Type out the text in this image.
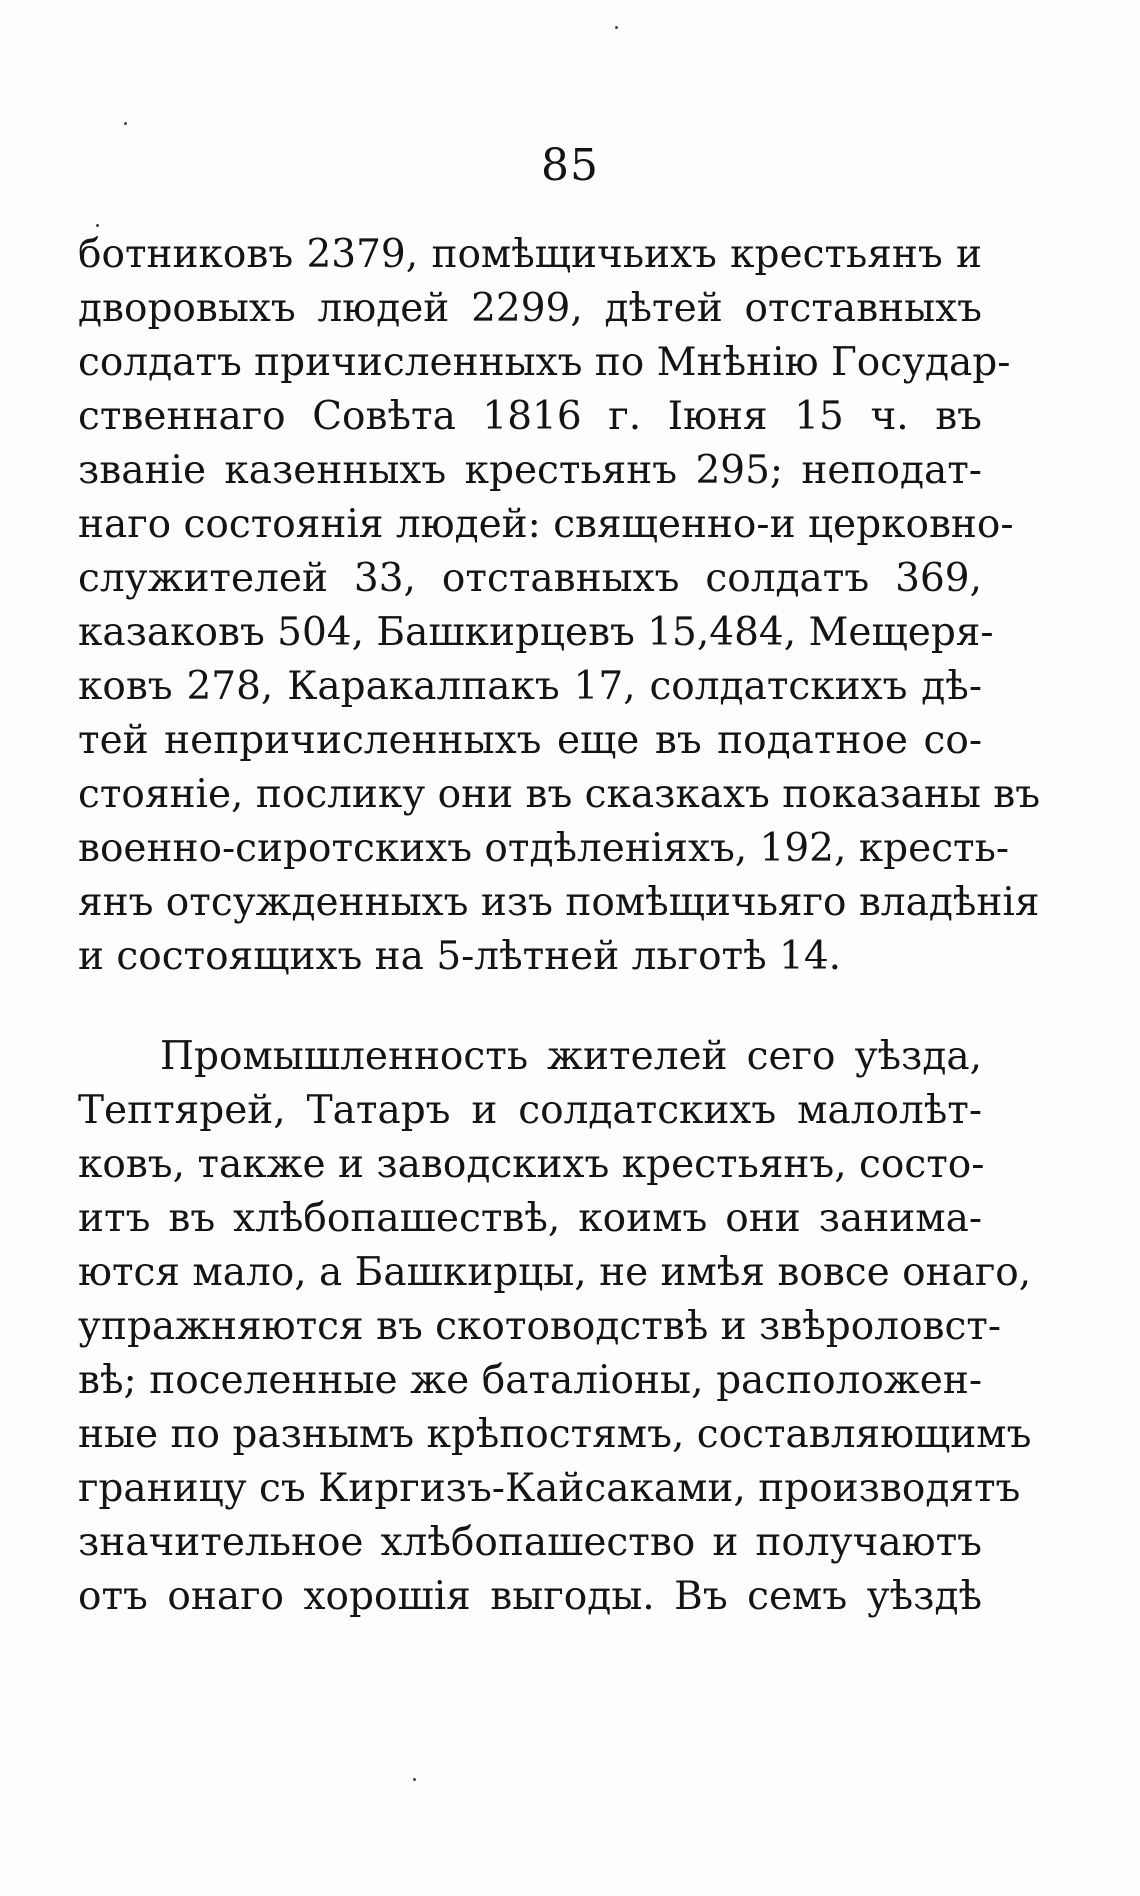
85
ботниковъ 2379, помѣщичьихъ крестьянъ и
дворовыхъ людей 2299, дѣтей отставныхъ
солдатъ причисленныхъ по Мнѣнію Государ-
ственнаго Совѣта 1816 г. Іюня 15 ч. въ
званіе казенныхъ крестьянъ 295; неподат-
наго состоянія людей: священно-и церковно-
служителей 33, отставныхъ солдатъ 369,
казаковъ 504, Башкирцевъ 15,484, Мещеря-
ковъ 278, Каракалпакъ 17, солдатскихъ дѣ-
тей непричисленныхъ еще въ податное со-
стояніе, послику они въ сказкахъ показаны въ
военно-сиротскихъ отдѣленіяхъ, 192, кресть-
янъ отсужденныхъ изъ помѣщичьяго владѣнія
и состоящихъ на 5-лѣтней льготѣ 14.
Промышленность жителей сего уѣзда,
Тептярей, Татаръ и солдатскихъ малолѣт-
ковъ, также и заводскихъ крестьянъ, состо-
итъ въ хлѣбопашествѣ, коимъ они занима-
ются мало, а Башкирцы, не имѣя вовсе онаго,
упражняются въ скотоводствѣ и звѣроловст-
вѣ; поселенные же баталіоны, расположен-
ные по разнымъ крѣпостямъ, составляющимъ
границу съ Киргизъ-Кайсаками, производятъ
значительное хлѣбопашество и получаютъ
отъ онаго хорошія выгоды. Въ семъ уѣздѣ
